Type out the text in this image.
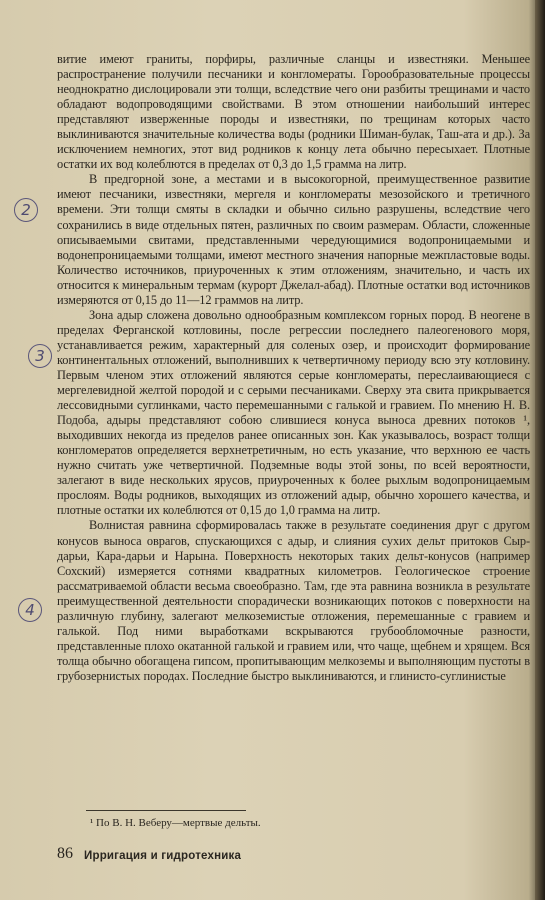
витие имеют граниты, порфиры, различные сланцы и известняки. Меньшее распространение получили песчаники и конгломераты. Горообразовательные процессы неоднократно дислоцировали эти толщи, вследствие чего они разбиты трещинами и часто обладают водопроводящими свойствами. В этом отношении наибольший интерес представляют изверженные породы и известняки, по трещинам которых часто выклиниваются значительные количества воды (родники Шиман-булак, Таш-ата и др.). За исключением немногих, этот вид родников к концу лета обычно пересыхает. Плотные остатки их вод колеблются в пределах от 0,3 до 1,5 грамма на литр.

В предгорной зоне, а местами и в высокогорной, преимущественное развитие имеют песчаники, известняки, мергеля и конгломераты мезозойского и третичного времени. Эти толщи смяты в складки и обычно сильно разрушены, вследствие чего сохранились в виде отдельных пятен, различных по своим размерам. Области, сложенные описываемыми свитами, представленными чередующимися водопроницаемыми и водонепроницаемыми толщами, имеют местного значения напорные межпластовые воды. Количество источников, приуроченных к этим отложениям, значительно, и часть их относится к минеральным термам (курорт Джелал-абад). Плотные остатки вод источников измеряются от 0,15 до 11—12 граммов на литр.

Зона адыр сложена довольно однообразным комплексом горных пород. В неогене в пределах Ферганской котловины, после регрессии последнего палеогенового моря, устанавливается режим, характерный для соленых озер, и происходит формирование континентальных отложений, выполнивших к четвертичному периоду всю эту котловину. Первым членом этих отложений являются серые конгломераты, переслаивающиеся с мергелевидной желтой породой и с серыми песчаниками. Сверху эта свита прикрывается лессовидными суглинками, часто перемешанными с галькой и гравием. По мнению Н. В. Подоба, адыры представляют собою слившиеся конуса выноса древних потоков ¹, выходивших некогда из пределов ранее описанных зон. Как указывалось, возраст толщи конгломератов определяется верхнетретичным, но есть указание, что верхнюю ее часть нужно считать уже четвертичной. Подземные воды этой зоны, по всей вероятности, залегают в виде нескольких ярусов, приуроченных к более рыхлым водопроницаемым прослоям. Воды родников, выходящих из отложений адыр, обычно хорошего качества, и плотные остатки их колеблются от 0,15 до 1,0 грамма на литр.

Волнистая равнина сформировалась также в результате соединения друг с другом конусов выноса оврагов, спускающихся с адыр, и слияния сухих дельт притоков Сыр-дарьи, Кара-дарьи и Нарына. Поверхность некоторых таких дельт-конусов (например Сохский) измеряется сотнями квадратных километров. Геологическое строение рассматриваемой области весьма своеобразно. Там, где эта равнина возникла в результате преимущественной деятельности спорадически возникающих потоков с поверхности на различную глубину, залегают мелкоземистые отложения, перемешанные с гравием и галькой. Под ними выработками вскрываются грубообломочные разности, представленные плохо окатанной галькой и гравием или, что чаще, щебнем и хрящем. Вся толща обычно обогащена гипсом, пропитывающим мелкоземы и выполняющим пустоты в грубозернистых породах. Последние быстро выклиниваются, и глинисто-суглинистые

2
3
4
¹ По В. Н. Веберу—мертвые дельты.
86 Ирригация и гидротехника
